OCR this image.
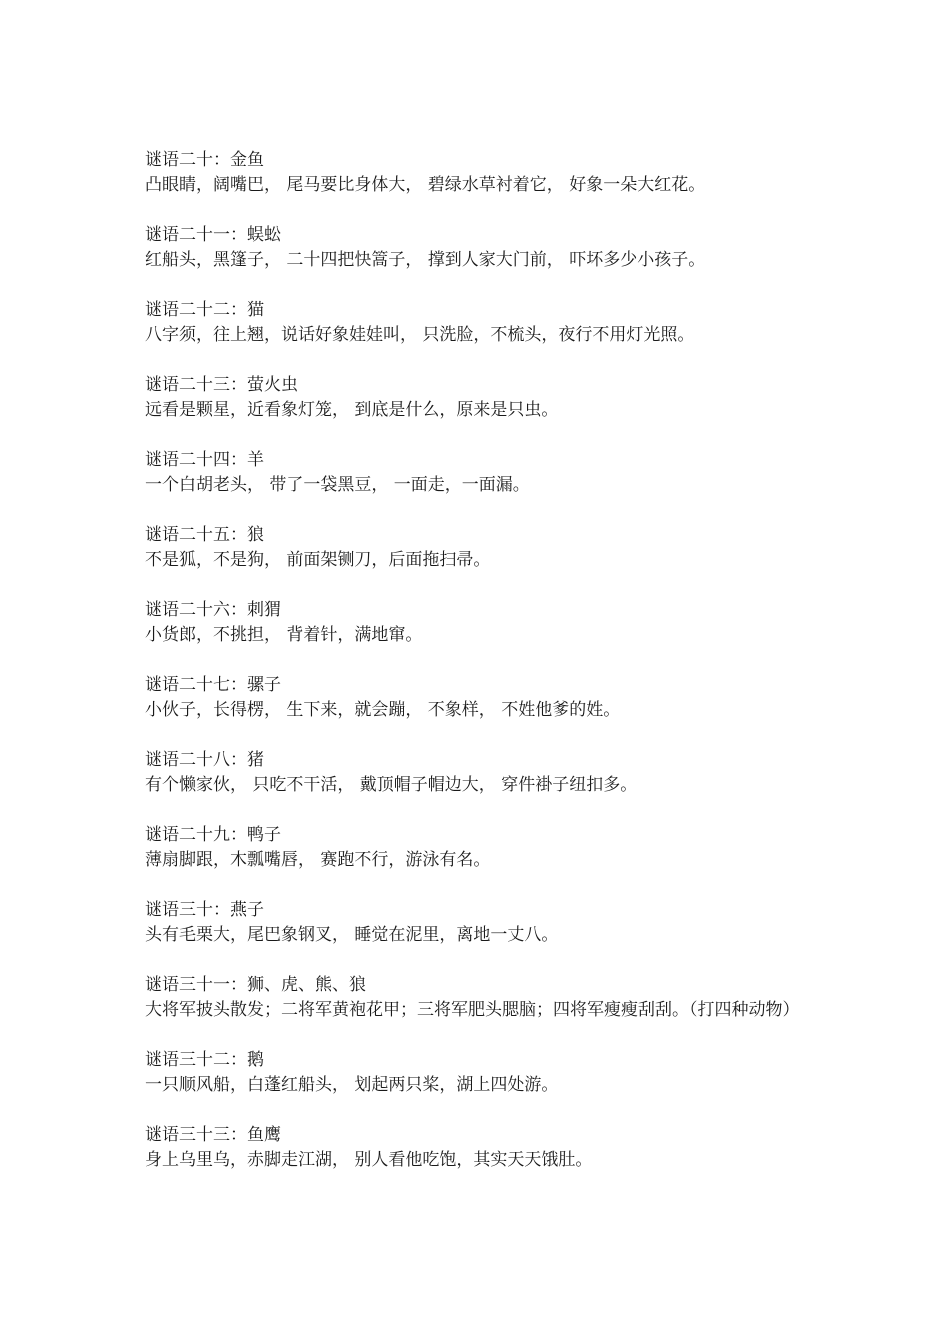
谜语二十：金鱼
凸眼睛，阔嘴巴， 尾马要比身体大， 碧绿水草衬着它， 好象一朵大红花。
谜语二十一：蜈蚣
红船头，黑篷子， 二十四把快篙子， 撑到人家大门前， 吓坏多少小孩子。
谜语二十二：猫
八字须，往上翘，说话好象娃娃叫， 只洗脸，不梳头，夜行不用灯光照。
谜语二十三：萤火虫
远看是颗星，近看象灯笼， 到底是什么，原来是只虫。
谜语二十四：羊
一个白胡老头， 带了一袋黑豆， 一面走，一面漏。
谜语二十五：狼
不是狐，不是狗， 前面架铡刀，后面拖扫帚。
谜语二十六：刺猬
小货郎，不挑担， 背着针，满地窜。
谜语二十七：骡子
小伙子，长得楞， 生下来，就会蹦， 不象样， 不姓他爹的姓。
谜语二十八：猪
有个懒家伙， 只吃不干活， 戴顶帽子帽边大， 穿件褂子纽扣多。
谜语二十九：鸭子
薄扇脚跟，木瓢嘴唇， 赛跑不行，游泳有名。
谜语三十：燕子
头有毛栗大，尾巴象钢叉， 睡觉在泥里，离地一丈八。
谜语三十一：狮、虎、熊、狼
大将军披头散发；二将军黄袍花甲；三将军肥头腮脑；四将军瘦瘦刮刮。（打四种动物）
谜语三十二：鹅
一只顺风船，白蓬红船头， 划起两只桨，湖上四处游。
谜语三十三：鱼鹰
身上乌里乌，赤脚走江湖， 别人看他吃饱，其实天天饿肚。
